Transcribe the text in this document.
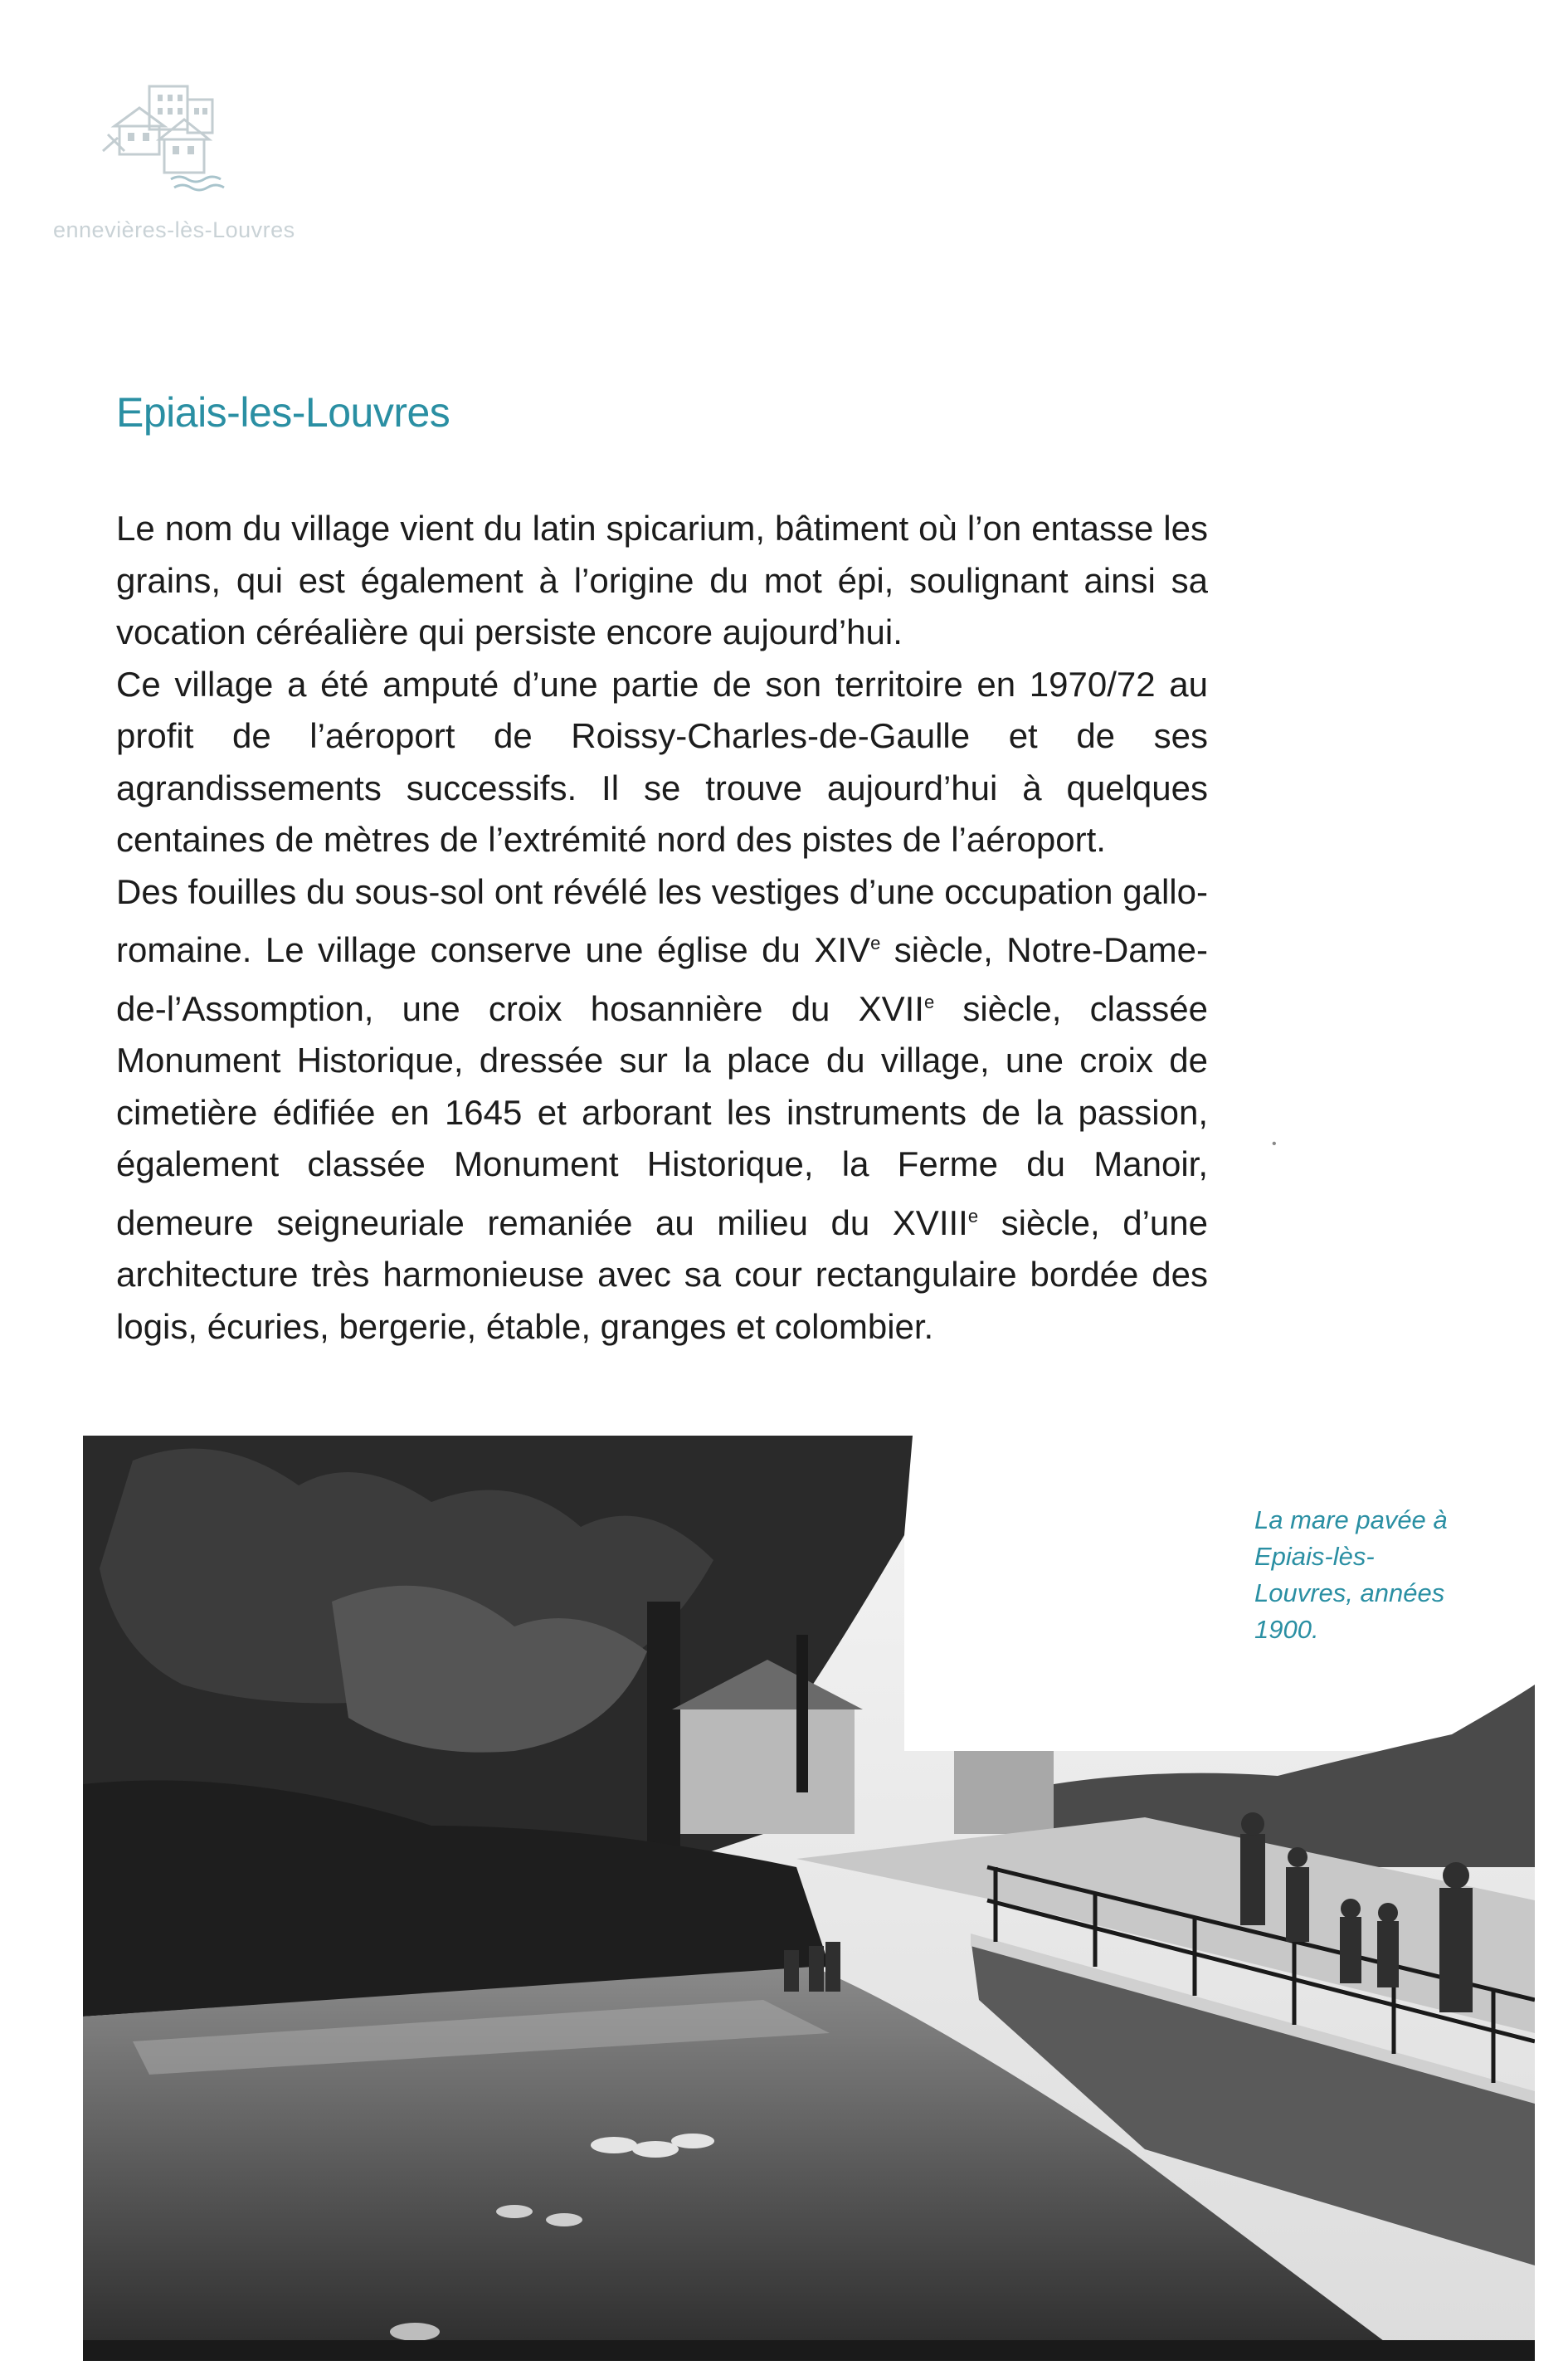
ennevières-lès-Louvres
Epiais-les-Louvres

Le nom du village vient du latin spicarium, bâtiment où l’on entasse les grains, qui est également à l’origine du mot épi, soulignant ainsi sa vocation céréalière qui persiste encore aujourd’hui.

Ce village a été amputé d’une partie de son territoire en 1970/72 au profit de l’aéroport de Roissy-Charles-de-Gaulle et de ses agrandissements successifs. Il se trouve aujourd’hui à quelques centaines de mètres de l’extrémité nord des pistes de l’aéroport.

Des fouilles du sous-sol ont révélé les vestiges d’une occupation gallo-romaine. Le village conserve une église du XIVe siècle, Notre-Dame-de-l’Assomption, une croix hosannière du XVIIe siècle, classée Monument Historique, dressée sur la place du village, une croix de cimetière édifiée en 1645 et arborant les instruments de la passion, également classée Monument Historique, la Ferme du Manoir, demeure seigneuriale remaniée au milieu du XVIIIe siècle, d’une architecture très harmonieuse avec sa cour rectangulaire bordée des logis, écuries, bergerie, étable, granges et colombier.

•
La mare pavée à Epiais-lès-Louvres, années 1900.
